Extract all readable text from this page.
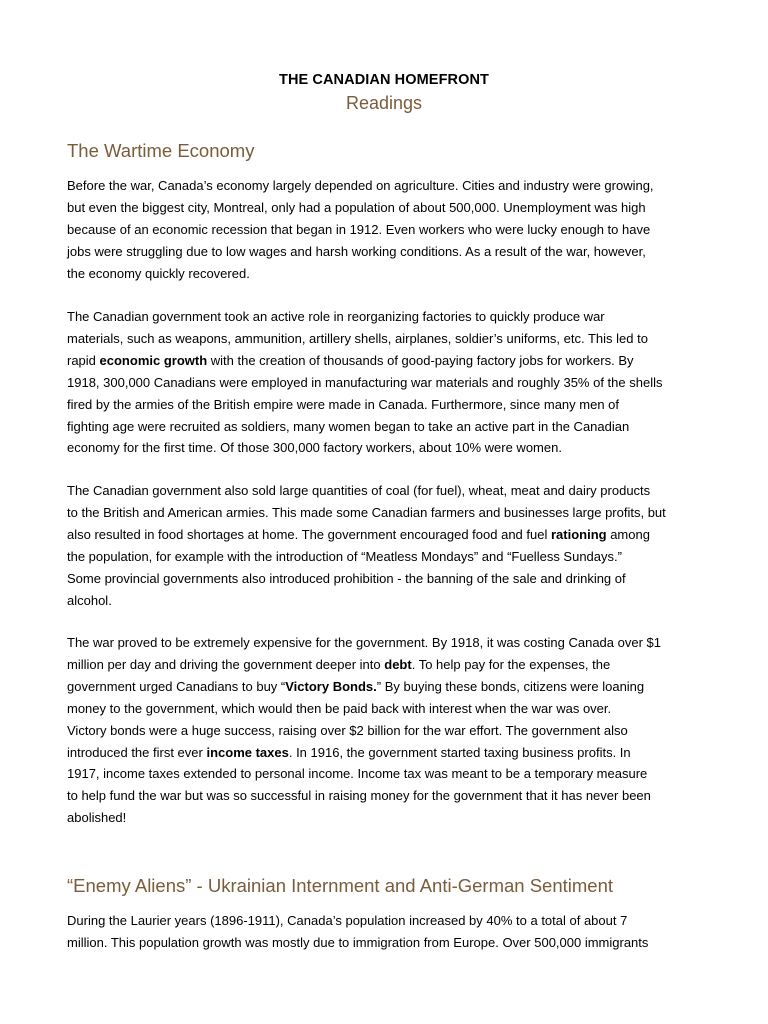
THE CANADIAN HOMEFRONT
Readings
The Wartime Economy

Before the war, Canada’s economy largely depended on agriculture. Cities and industry were growing,
but even the biggest city, Montreal, only had a population of about 500,000. Unemployment was high
because of an economic recession that began in 1912. Even workers who were lucky enough to have
jobs were struggling due to low wages and harsh working conditions. As a result of the war, however,
the economy quickly recovered.

The Canadian government took an active role in reorganizing factories to quickly produce war
materials, such as weapons, ammunition, artillery shells, airplanes, soldier’s uniforms, etc. This led to
rapid economic growth with the creation of thousands of good-paying factory jobs for workers. By
1918, 300,000 Canadians were employed in manufacturing war materials and roughly 35% of the shells
fired by the armies of the British empire were made in Canada. Furthermore, since many men of
fighting age were recruited as soldiers, many women began to take an active part in the Canadian
economy for the first time. Of those 300,000 factory workers, about 10% were women.

The Canadian government also sold large quantities of coal (for fuel), wheat, meat and dairy products
to the British and American armies. This made some Canadian farmers and businesses large profits, but
also resulted in food shortages at home. The government encouraged food and fuel rationing among
the population, for example with the introduction of “Meatless Mondays” and “Fuelless Sundays.”
Some provincial governments also introduced prohibition - the banning of the sale and drinking of
alcohol.

The war proved to be extremely expensive for the government. By 1918, it was costing Canada over $1
million per day and driving the government deeper into debt. To help pay for the expenses, the
government urged Canadians to buy “Victory Bonds.” By buying these bonds, citizens were loaning
money to the government, which would then be paid back with interest when the war was over.
Victory bonds were a huge success, raising over $2 billion for the war effort. The government also
introduced the first ever income taxes. In 1916, the government started taxing business profits. In
1917, income taxes extended to personal income. Income tax was meant to be a temporary measure
to help fund the war but was so successful in raising money for the government that it has never been
abolished!

“Enemy Aliens” - Ukrainian Internment and Anti-German Sentiment

During the Laurier years (1896-1911), Canada’s population increased by 40% to a total of about 7
million. This population growth was mostly due to immigration from Europe. Over 500,000 immigrants
